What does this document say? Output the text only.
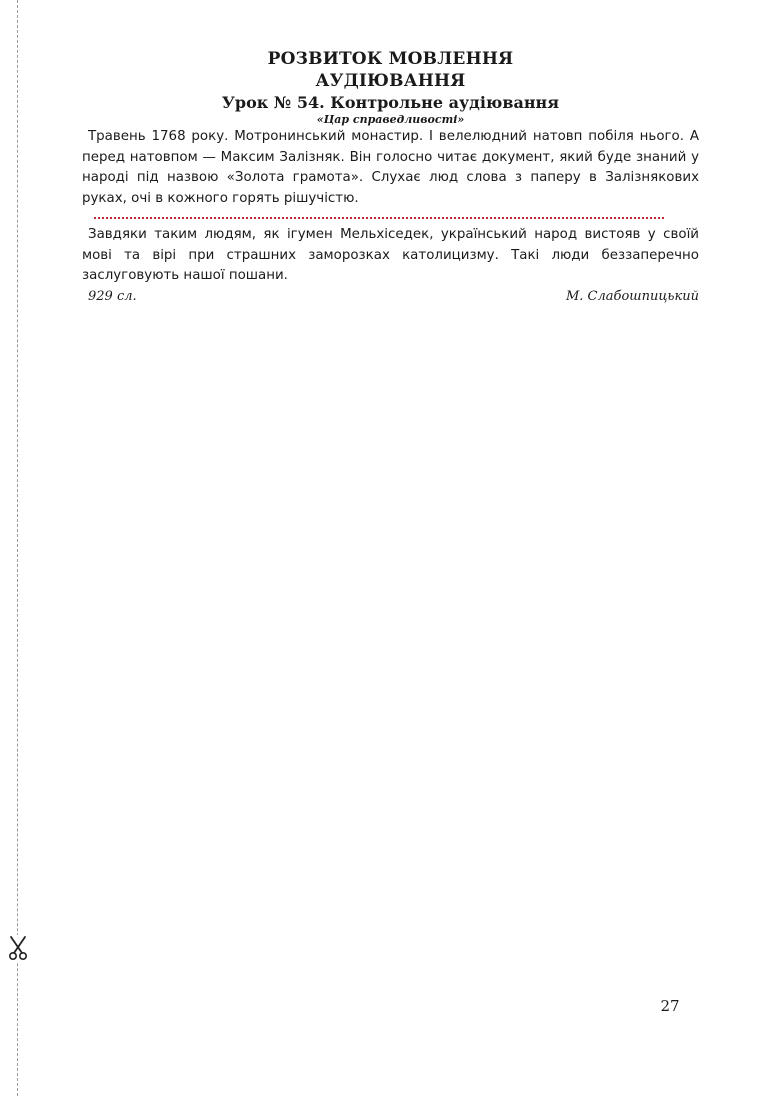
РОЗВИТОК МОВЛЕННЯ
АУДІЮВАННЯ
Урок № 54. Контрольне аудіювання
«Цар справедливості»

Травень 1768 року. Мотронинський монастир. І велелюдний натовп побіля нього. А перед натовпом — Максим Залізняк. Він голосно читає документ, який буде знаний у народі під назвою «Золота грамота». Слухає люд слова з паперу в Залізнякових руках, очі в кожного горять рішучістю.

Завдяки таким людям, як ігумен Мельхіседек, український народ вистояв у своїй мові та вірі при страшних заморозках католицизму. Такі люди беззаперечно заслуговують нашої пошани.

929 сл.	М. Слабошпицький
27
